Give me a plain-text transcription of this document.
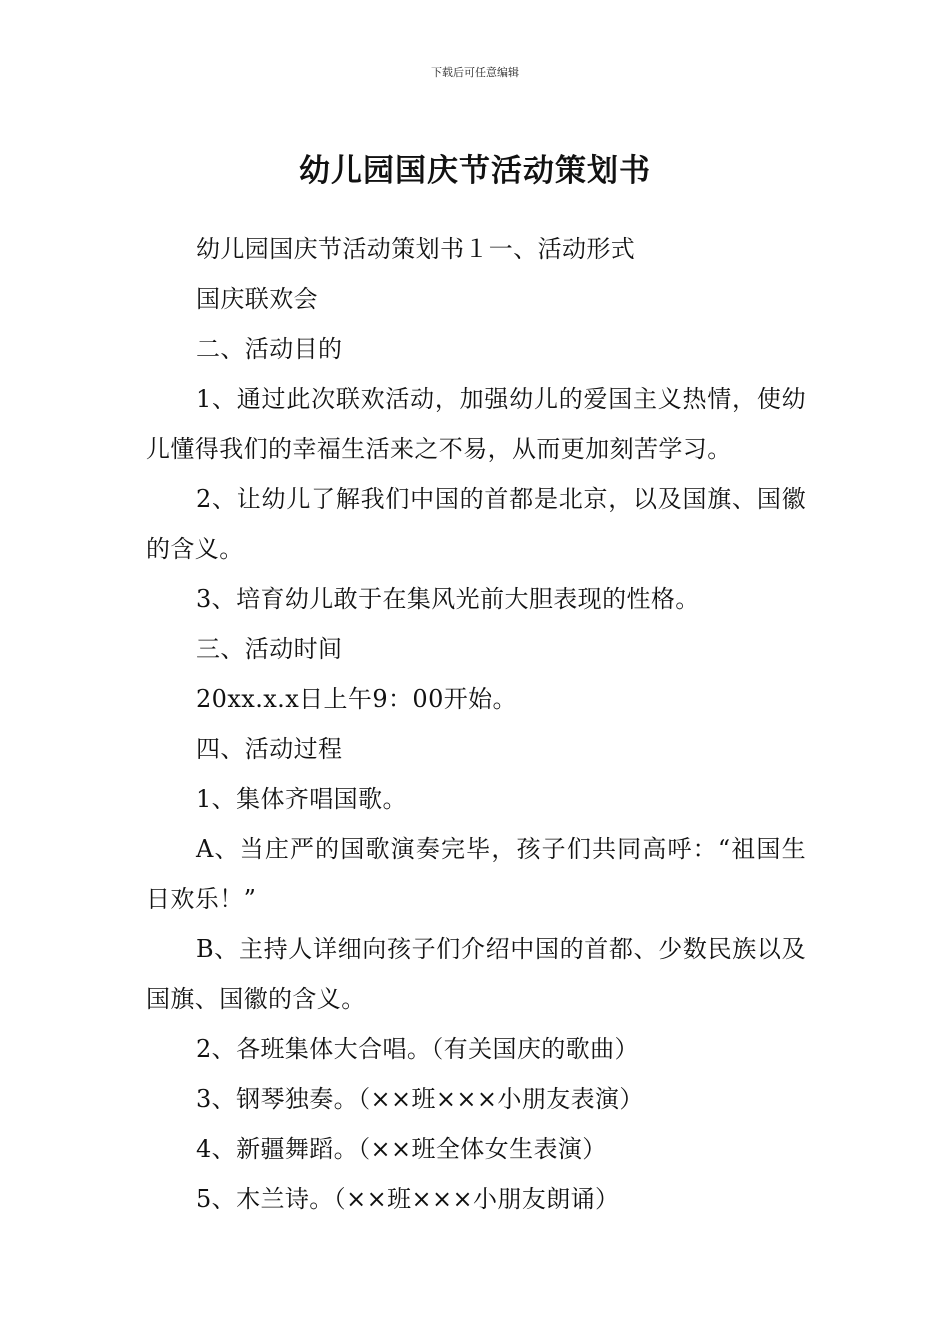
下载后可任意编辑
幼儿园国庆节活动策划书

幼儿园国庆节活动策划书１一、活动形式

国庆联欢会

二、活动目的

1、通过此次联欢活动，加强幼儿的爱国主义热情，使幼儿懂得我们的幸福生活来之不易，从而更加刻苦学习。

2、让幼儿了解我们中国的首都是北京，以及国旗、国徽的含义。

3、培育幼儿敢于在集风光前大胆表现的性格。

三、活动时间

20xx.x.x日上午9：00开始。

四、活动过程

1、集体齐唱国歌。

A、当庄严的国歌演奏完毕，孩子们共同高呼：“祖国生日欢乐！”

B、主持人详细向孩子们介绍中国的首都、少数民族以及国旗、国徽的含义。

2、各班集体大合唱。（有关国庆的歌曲）

3、钢琴独奏。（××班×××小朋友表演）

4、新疆舞蹈。（××班全体女生表演）

5、木兰诗。（××班×××小朋友朗诵）
